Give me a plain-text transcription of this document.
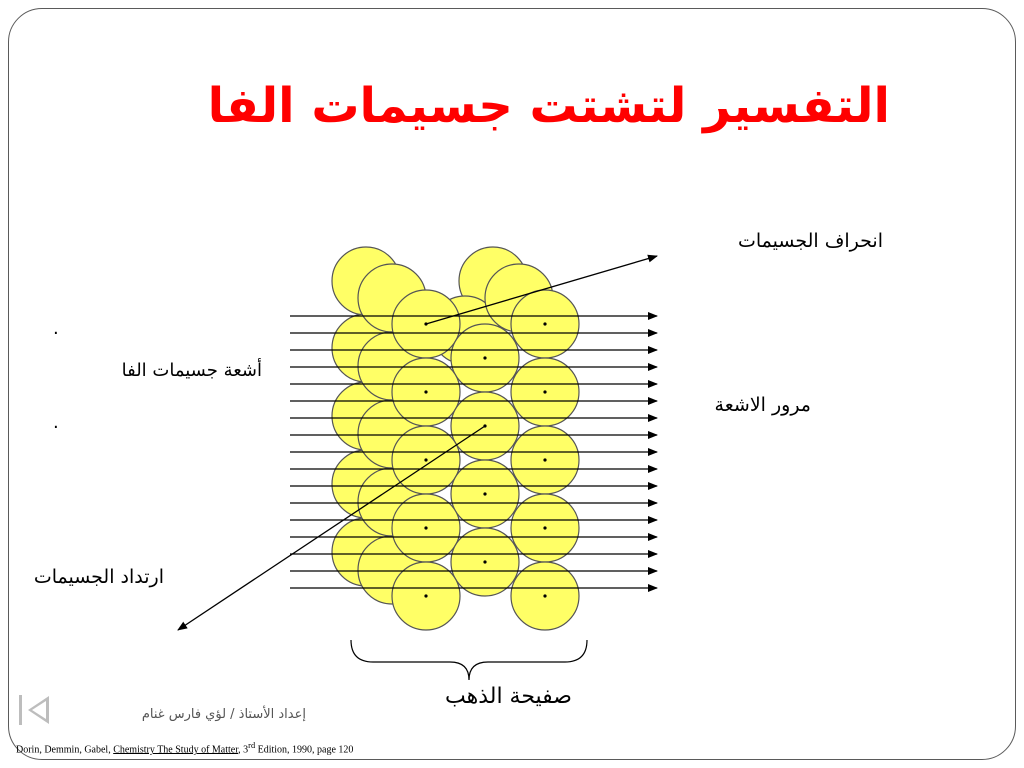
التفسير لتشتت جسيمات الفا
انحراف الجسيمات
مرور الاشعة
أشعة جسيمات الفا
ارتداد الجسيمات
صفيحة الذهب
.
.
إعداد الأستاذ / لؤي فارس غنام
Dorin, Demmin, Gabel, Chemistry The Study of Matter, 3rd Edition, 1990, page 120
